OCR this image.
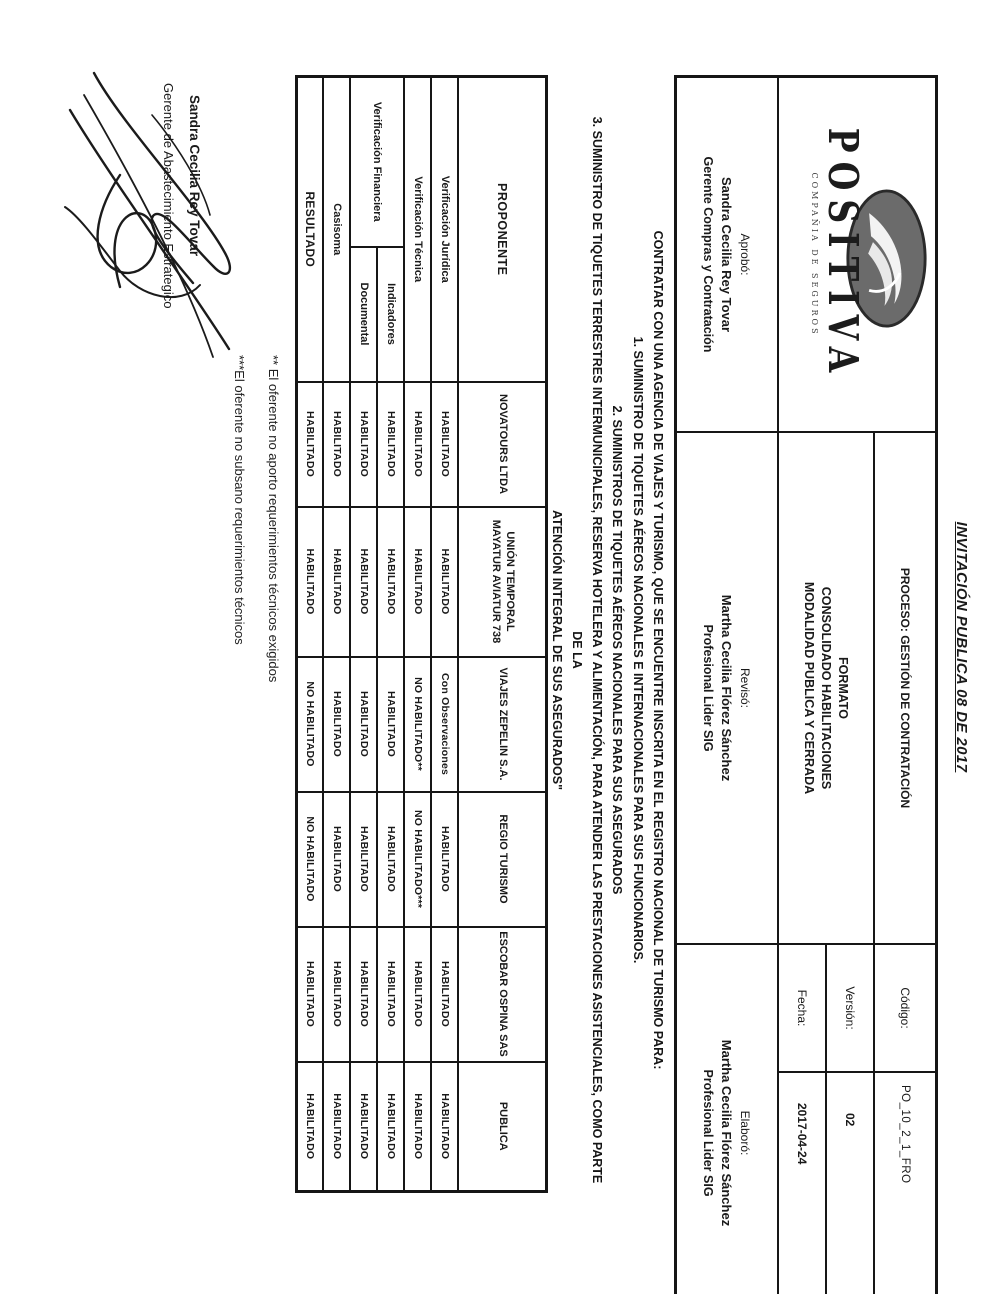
INVITACIÓN PUBLICA 08 DE 2017
POSITIVA
COMPAÑIA DE SEGUROS
PROCESO: GESTIÓN DE CONTRATACIÓN
FORMATO
CONSOLIDADO HABILITACIONES
MODALIDAD PUBLICA Y CERRADA
Código:
PO_10_2_1_FRO
Versión:
02
Fecha:
2017-04-24
Aprobó:
Sandra Cecilia Rey Tovar
Gerente Compras y Contratación
Revisó:
Martha Cecilia Flórez Sánchez
Profesional Lider SIG
Elaboró:
Martha Cecilia Flórez Sánchez
Profesional Lider SIG
CONTRATAR CON UNA AGENCIA DE VIAJES Y TURISMO, QUE SE ENCUENTRE INSCRITA EN EL REGISTRO NACIONAL DE TURISMO PARA:
1. SUMINISTRO DE TIQUETES AÉREOS NACIONALES E INTERNACIONALES PARA SUS FUNCIONARIOS.
2. SUMINISTROS DE TIQUETES AÉREOS NACIONALES PARA SUS ASEGURADOS
3. SUMINISTRO DE TIQUETES TERRESTRES INTERMUNICIPALES, RESERVA HOTELERA Y ALIMENTACIÓN, PARA ATENDER LAS PRESTACIONES ASISTENCIALES, COMO PARTE DE LA
ATENCIÓN INTEGRAL DE SUS ASEGURADOS"
PROPONENTE		NOVATOURS LTDA	UNIÓN TEMPORAL MAYATUR AVIATUR 738	VIAJES ZEPELIN S.A.	REGIO TURISMO	ESCOBAR OSPINA SAS	PUBLICA
Verificación Jurídica		HABILITADO	HABILITADO	Con Observaciones	HABILITADO	HABILITADO	HABILITADO
Verificación Técnica		HABILITADO	HABILITADO	NO HABILITADO**	NO HABILITADO***	HABILITADO	HABILITADO
Verificación Financiera	Indicadores	HABILITADO	HABILITADO	HABILITADO	HABILITADO	HABILITADO	HABILITADO
	Documental	HABILITADO	HABILITADO	HABILITADO	HABILITADO	HABILITADO	HABILITADO
Casisoma		HABILITADO	HABILITADO	HABILITADO	HABILITADO	HABILITADO	HABILITADO
RESULTADO		HABILITADO	HABILITADO	NO HABILITADO	NO HABILITADO	HABILITADO	HABILITADO
** El oferente no aporto requerimientos técnicos exigidos
***El oferente no subsano requerimientos técnicos
Sandra Cecilia Rey Tovar
Gerente de Abastecimiento Estrategico
